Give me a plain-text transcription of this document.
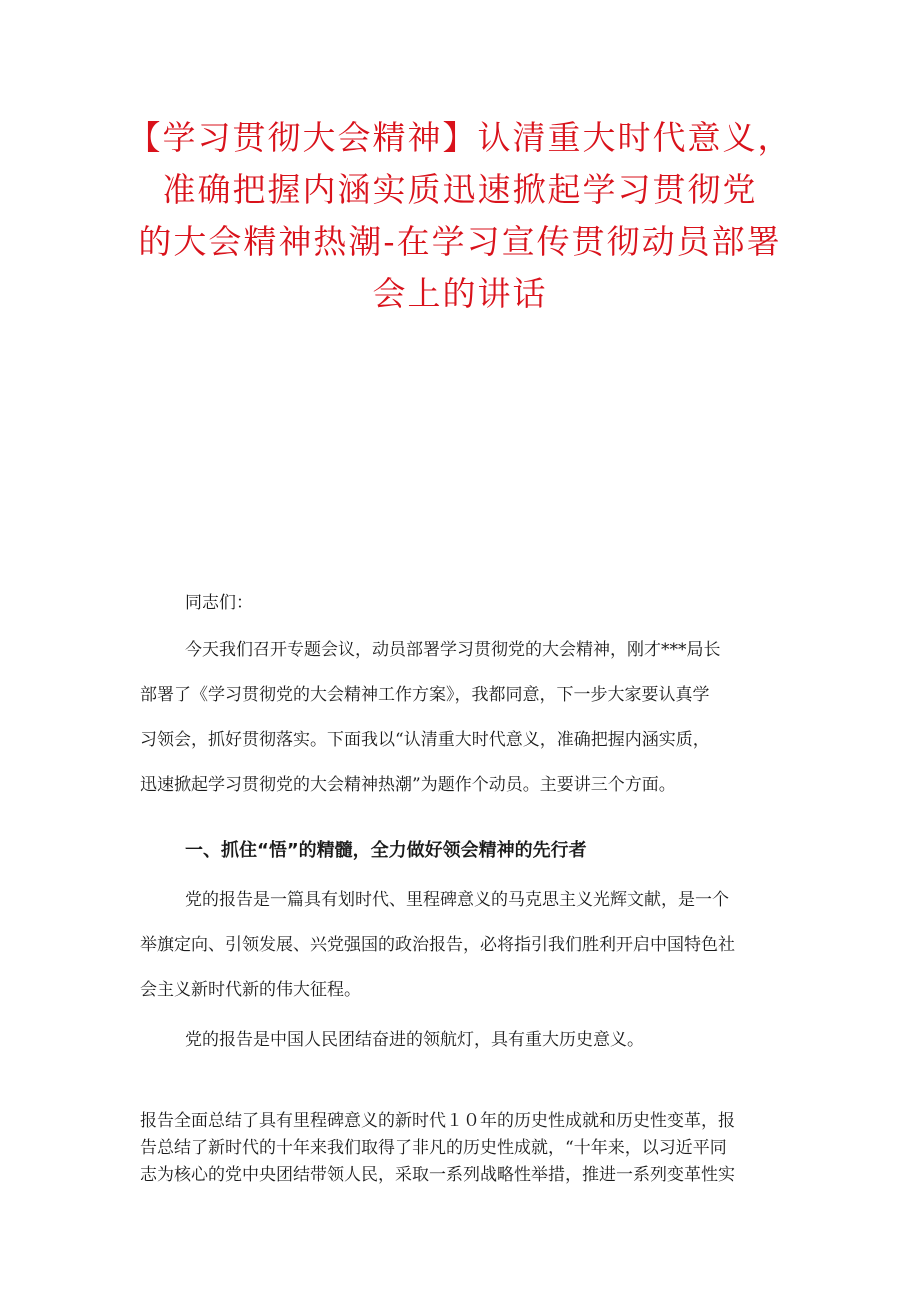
【学习贯彻大会精神】认清重大时代意义，
准确把握内涵实质迅速掀起学习贯彻党
的大会精神热潮-在学习宣传贯彻动员部署
会上的讲话

同志们：

今天我们召开专题会议，动员部署学习贯彻党的大会精神，刚才***局长
部署了《学习贯彻党的大会精神工作方案》，我都同意，下一步大家要认真学
习领会，抓好贯彻落实。下面我以“认清重大时代意义，准确把握内涵实质，
迅速掀起学习贯彻党的大会精神热潮”为题作个动员。主要讲三个方面。

一、抓住“悟”的精髓，全力做好领会精神的先行者

党的报告是一篇具有划时代、里程碑意义的马克思主义光辉文献，是一个
举旗定向、引领发展、兴党强国的政治报告，必将指引我们胜利开启中国特色社
会主义新时代新的伟大征程。

党的报告是中国人民团结奋进的领航灯，具有重大历史意义。

报告全面总结了具有里程碑意义的新时代１０年的历史性成就和历史性变革，报
告总结了新时代的十年来我们取得了非凡的历史性成就，“十年来，以习近平同
志为核心的党中央团结带领人民，采取一系列战略性举措，推进一系列变革性实
